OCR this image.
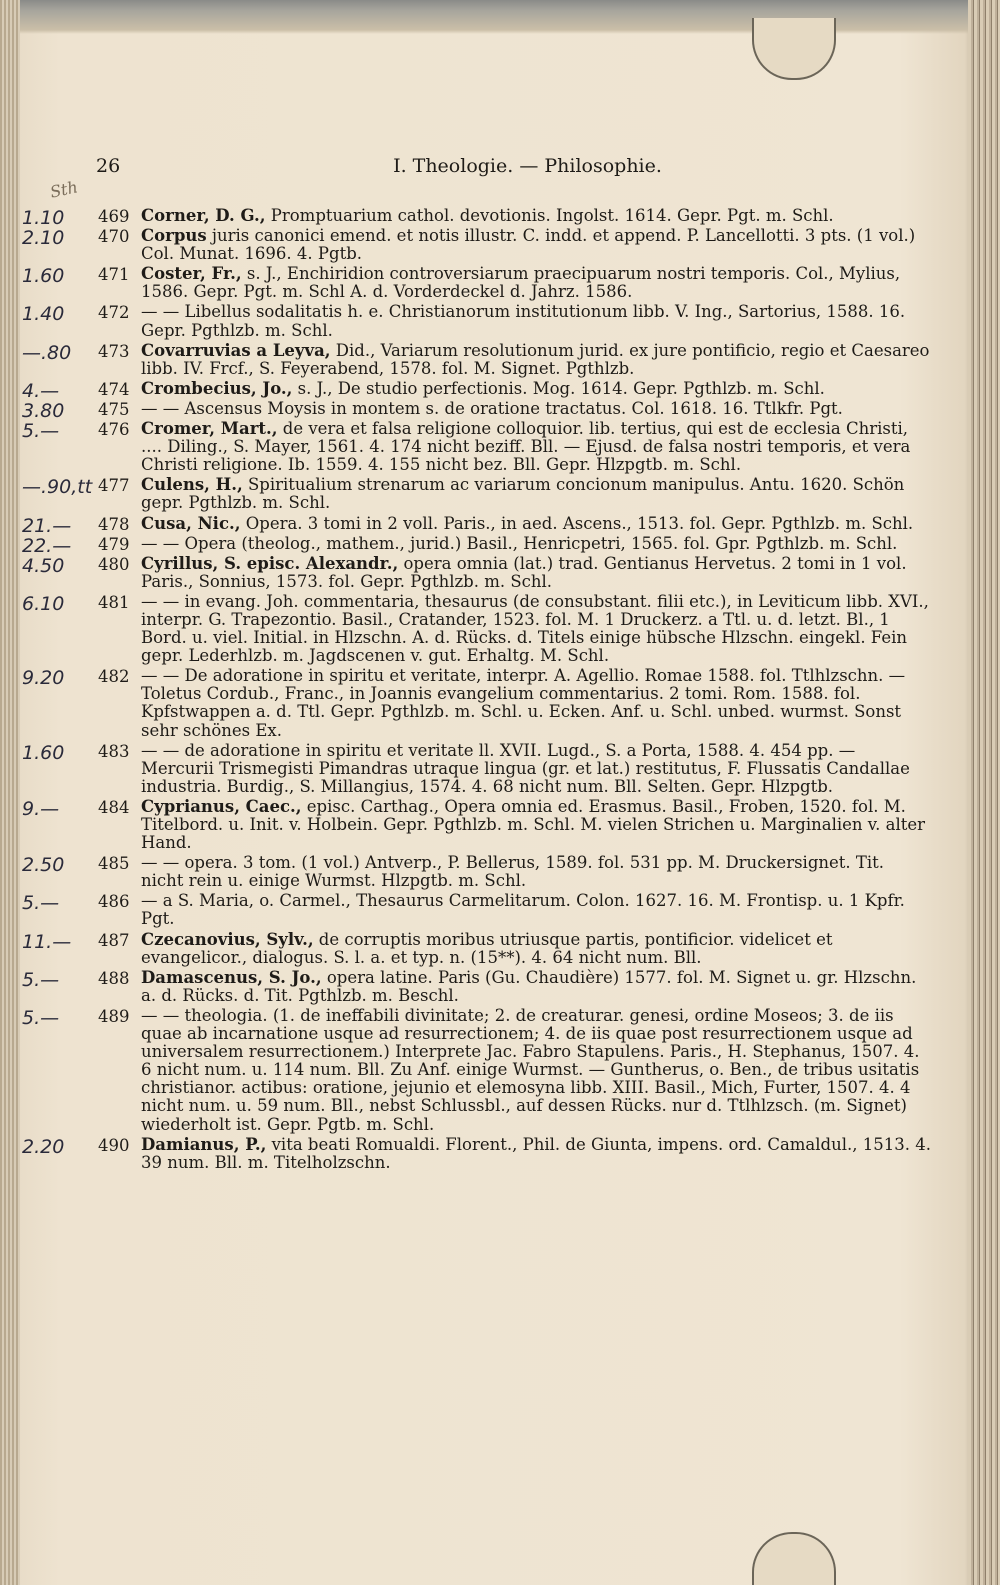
26	I. Theologie. — Philosophie.
Sth
1.10	469 Corner, D. G., Promptuarium cathol. devotionis. Ingolst. 1614. Gepr. Pgt. m. Schl.
2.10	470 Corpus juris canonici emend. et notis illustr. C. indd. et append. P. Lancellotti. 3 pts. (1 vol.) Col. Munat. 1696. 4. Pgtb.
1.60	471 Coster, Fr., s. J., Enchiridion controversiarum praecipuarum nostri temporis. Col., Mylius, 1586. Gepr. Pgt. m. Schl A. d. Vorderdeckel d. Jahrz. 1586.
1.40	472 — — Libellus sodalitatis h. e. Christianorum institutionum libb. V. Ing., Sartorius, 1588. 16. Gepr. Pgthlzb. m. Schl.
—.80	473 Covarruvias a Leyva, Did., Variarum resolutionum jurid. ex jure pontificio, regio et Caesareo libb. IV. Frcf., S. Feyerabend, 1578. fol. M. Signet. Pgthlzb.
4.—	474 Crombecius, Jo., s. J., De studio perfectionis. Mog. 1614. Gepr. Pgthlzb. m. Schl.
3.80	475 — — Ascensus Moysis in montem s. de oratione tractatus. Col. 1618. 16. Ttlkfr. Pgt.
5.—	476 Cromer, Mart., de vera et falsa religione colloquior. lib. tertius, qui est de ecclesia Christi, .... Diling., S. Mayer, 1561. 4. 174 nicht beziff. Bll. — Ejusd. de falsa nostri temporis, et vera Christi religione. Ib. 1559. 4. 155 nicht bez. Bll. Gepr. Hlzpgtb. m. Schl.
—.90,tt 477 Culens, H., Spiritualium strenarum ac variarum concionum manipulus. Antu. 1620. Schön gepr. Pgthlzb. m. Schl.
21.—	478 Cusa, Nic., Opera. 3 tomi in 2 voll. Paris., in aed. Ascens., 1513. fol. Gepr. Pgthlzb. m. Schl.
22.—	479 — — Opera (theolog., mathem., jurid.) Basil., Henricpetri, 1565. fol. Gpr. Pgthlzb. m. Schl.
4.50	480 Cyrillus, S. episc. Alexandr., opera omnia (lat.) trad. Gentianus Hervetus. 2 tomi in 1 vol. Paris., Sonnius, 1573. fol. Gepr. Pgthlzb. m. Schl.
6.10	481 — — in evang. Joh. commentaria, thesaurus (de consubstant. filii etc.), in Leviticum libb. XVI., interpr. G. Trapezontio. Basil., Cratander, 1523. fol. M. 1 Druckerz. a Ttl. u. d. letzt. Bl., 1 Bord. u. viel. Initial. in Hlzschn. A. d. Rücks. d. Titels einige hübsche Hlzschn. eingekl. Fein gepr. Lederhlzb. m. Jagdscenen v. gut. Erhaltg. M. Schl.
9.20	482 — — De adoratione in spiritu et veritate, interpr. A. Agellio. Romae 1588. fol. Ttlhlzschn. — Toletus Cordub., Franc., in Joannis evangelium commentarius. 2 tomi. Rom. 1588. fol. Kpfstwappen a. d. Ttl. Gepr. Pgthlzb. m. Schl. u. Ecken. Anf. u. Schl. unbed. wurmst. Sonst sehr schönes Ex.
1.60	483 — — de adoratione in spiritu et veritate ll. XVII. Lugd., S. a Porta, 1588. 4. 454 pp. — Mercurii Trismegisti Pimandras utraque lingua (gr. et lat.) restitutus, F. Flussatis Candallae industria. Burdig., S. Millangius, 1574. 4. 68 nicht num. Bll. Selten. Gepr. Hlzpgtb.
9.—	484 Cyprianus, Caec., episc. Carthag., Opera omnia ed. Erasmus. Basil., Froben, 1520. fol. M. Titelbord. u. Init. v. Holbein. Gepr. Pgthlzb. m. Schl. M. vielen Strichen u. Marginalien v. alter Hand.
2.50	485 — — opera. 3 tom. (1 vol.) Antverp., P. Bellerus, 1589. fol. 531 pp. M. Druckersignet. Tit. nicht rein u. einige Wurmst. Hlzpgtb. m. Schl.
5.—	486 — a S. Maria, o. Carmel., Thesaurus Carmelitarum. Colon. 1627. 16. M. Frontisp. u. 1 Kpfr. Pgt.
11.—	487 Czecanovius, Sylv., de corruptis moribus utriusque partis, pontificior. videlicet et evangelicor., dialogus. S. l. a. et typ. n. (15**). 4. 64 nicht num. Bll.
5.—	488 Damascenus, S. Jo., opera latine. Paris (Gu. Chaudière) 1577. fol. M. Signet u. gr. Hlzschn. a. d. Rücks. d. Tit. Pgthlzb. m. Beschl.
5.—	489 — — theologia. (1. de ineffabili divinitate; 2. de creaturar. genesi, ordine Moseos; 3. de iis quae ab incarnatione usque ad resurrectionem; 4. de iis quae post resurrectionem usque ad universalem resurrectionem.) Interprete Jac. Fabro Stapulens. Paris., H. Stephanus, 1507. 4. 6 nicht num. u. 114 num. Bll. Zu Anf. einige Wurmst. — Guntherus, o. Ben., de tribus usitatis christianor. actibus: oratione, jejunio et elemosyna libb. XIII. Basil., Mich, Furter, 1507. 4. 4 nicht num. u. 59 num. Bll., nebst Schlussbl., auf dessen Rücks. nur d. Ttlhlzsch. (m. Signet) wiederholt ist. Gepr. Pgtb. m. Schl.
2.20	490 Damianus, P., vita beati Romualdi. Florent., Phil. de Giunta, impens. ord. Camaldul., 1513. 4. 39 num. Bll. m. Titelholzschn.
